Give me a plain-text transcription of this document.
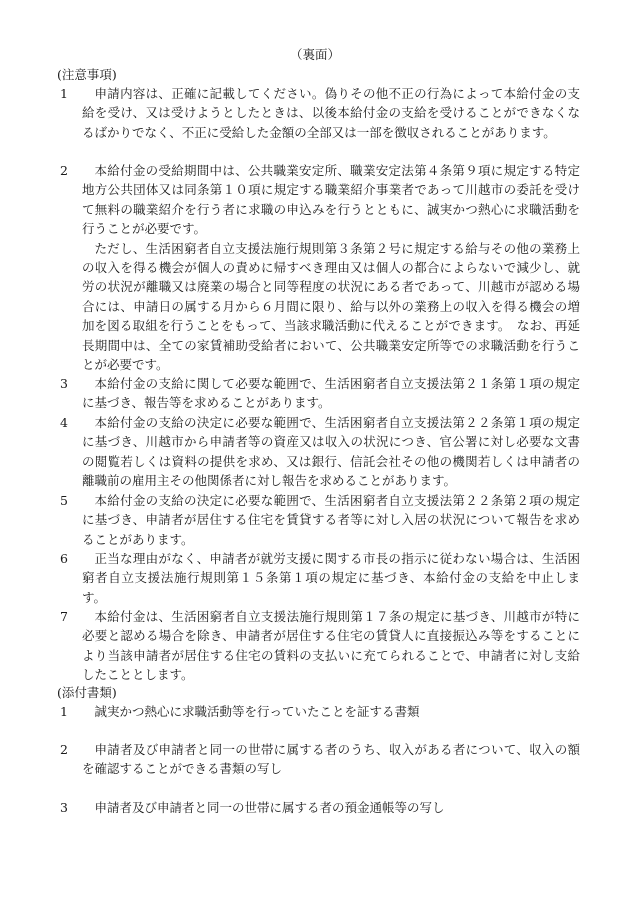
（裏面）
(注意事項)
1	申請内容は、正確に記載してください。偽りその他不正の行為によって本給付金の支給を受け、又は受けようとしたときは、以後本給付金の支給を受けることができなくなるばかりでなく、不正に受給した金額の全部又は一部を徴収されることがあります。
2	本給付金の受給期間中は、公共職業安定所、職業安定法第４条第９項に規定する特定地方公共団体又は同条第１０項に規定する職業紹介事業者であって川越市の委託を受けて無料の職業紹介を行う者に求職の申込みを行うとともに、誠実かつ熱心に求職活動を行うことが必要です。
ただし、生活困窮者自立支援法施行規則第３条第２号に規定する給与その他の業務上の収入を得る機会が個人の責めに帰すべき理由又は個人の都合によらないで減少し、就労の状況が離職又は廃業の場合と同等程度の状況にある者であって、川越市が認める場合には、申請日の属する月から６月間に限り、給与以外の業務上の収入を得る機会の増加を図る取組を行うことをもって、当該求職活動に代えることができます。　なお、再延長期間中は、全ての家賃補助受給者において、公共職業安定所等での求職活動を行うことが必要です。
3	本給付金の支給に関して必要な範囲で、生活困窮者自立支援法第２１条第１項の規定に基づき、報告等を求めることがあります。
4	本給付金の支給の決定に必要な範囲で、生活困窮者自立支援法第２２条第１項の規定に基づき、川越市から申請者等の資産又は収入の状況につき、官公署に対し必要な文書の閲覧若しくは資料の提供を求め、又は銀行、信託会社その他の機関若しくは申請者の離職前の雇用主その他関係者に対し報告を求めることがあります。
5	本給付金の支給の決定に必要な範囲で、生活困窮者自立支援法第２２条第２項の規定に基づき、申請者が居住する住宅を賃貸する者等に対し入居の状況について報告を求めることがあります。
6	正当な理由がなく、申請者が就労支援に関する市長の指示に従わない場合は、生活困窮者自立支援法施行規則第１５条第１項の規定に基づき、本給付金の支給を中止します。
7	本給付金は、生活困窮者自立支援法施行規則第１７条の規定に基づき、川越市が特に必要と認める場合を除き、申請者が居住する住宅の賃貸人に直接振込み等をすることにより当該申請者が居住する住宅の賃料の支払いに充てられることで、申請者に対し支給したこととします。
(添付書類)
1	誠実かつ熱心に求職活動等を行っていたことを証する書類
2	申請者及び申請者と同一の世帯に属する者のうち、収入がある者について、収入の額を確認することができる書類の写し
3	申請者及び申請者と同一の世帯に属する者の預金通帳等の写し
